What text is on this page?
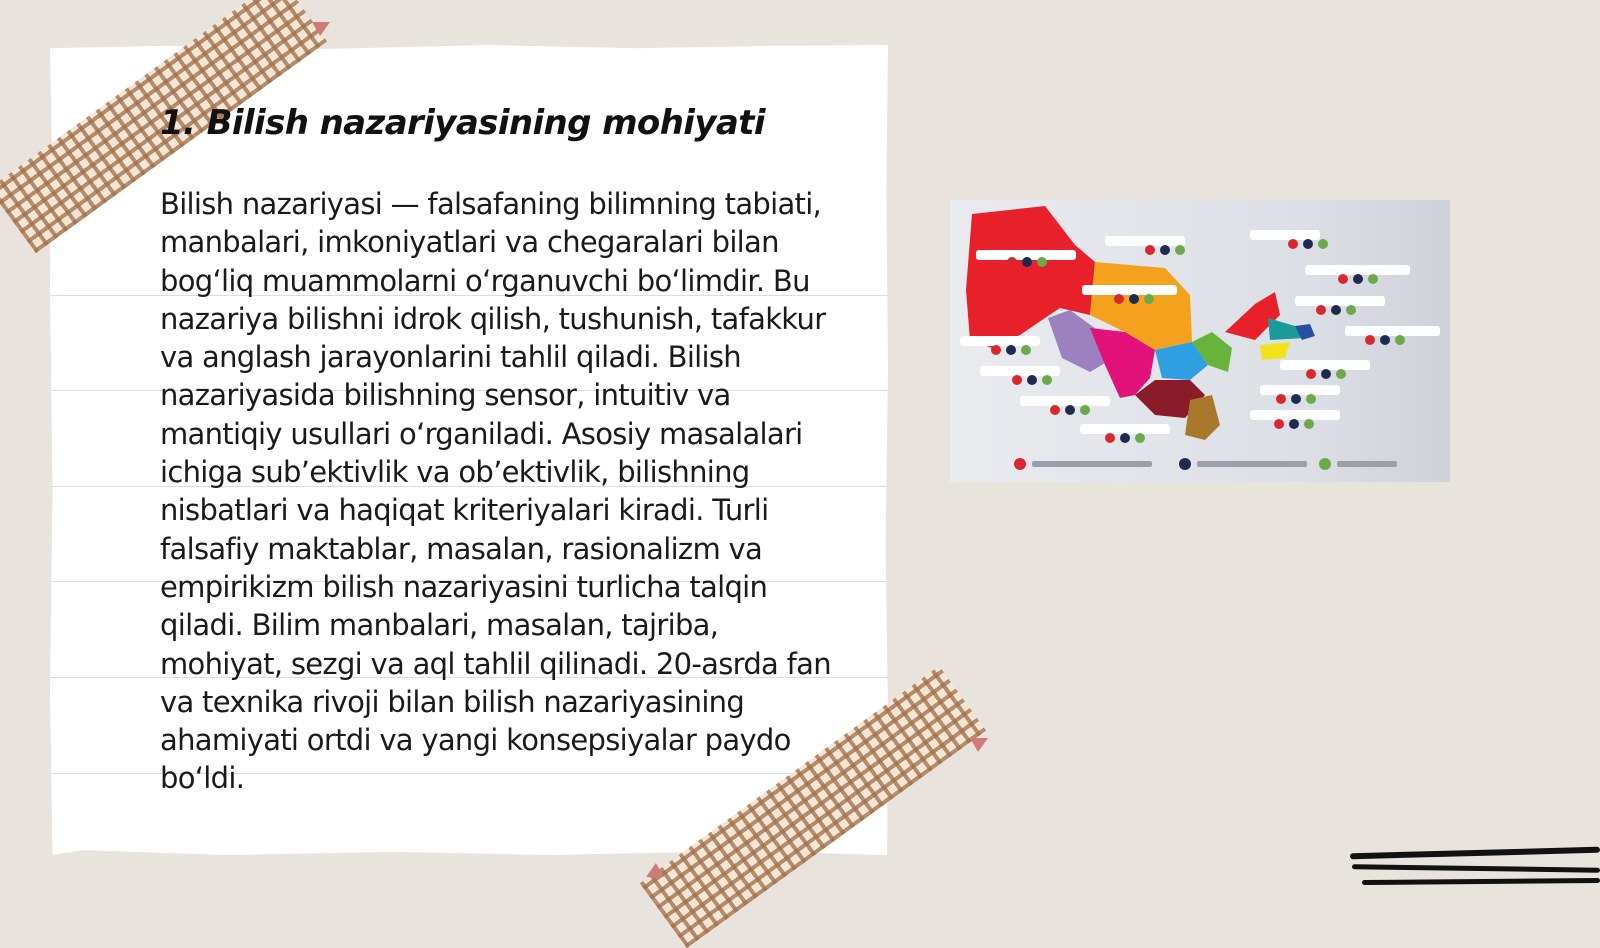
1. Bilish nazariyasining mohiyati

Bilish nazariyasi — falsafaning bilimning tabiati, manbalari, imkoniyatlari va chegaralari bilan bogʻliq muammolarni oʻrganuvchi boʻlimdir. Bu nazariya bilishni idrok qilish, tushunish, tafakkur va anglash jarayonlarini tahlil qiladi. Bilish nazariyasida bilishning sensor, intuitiv va mantiqiy usullari oʻrganiladi. Asosiy masalalari ichiga subʼektivlik va obʼektivlik, bilishning nisbatlari va haqiqat kriteriyalari kiradi. Turli falsafiy maktablar, masalan, rasionalizm va empirikizm bilish nazariyasini turlicha talqin qiladi. Bilim manbalari, masalan, tajriba, mohiyat, sezgi va aql tahlil qilinadi. 20-asrda fan va texnika rivoji bilan bilish nazariyasining ahamiyati ortdi va yangi konsepsiyalar paydo boʻldi.
